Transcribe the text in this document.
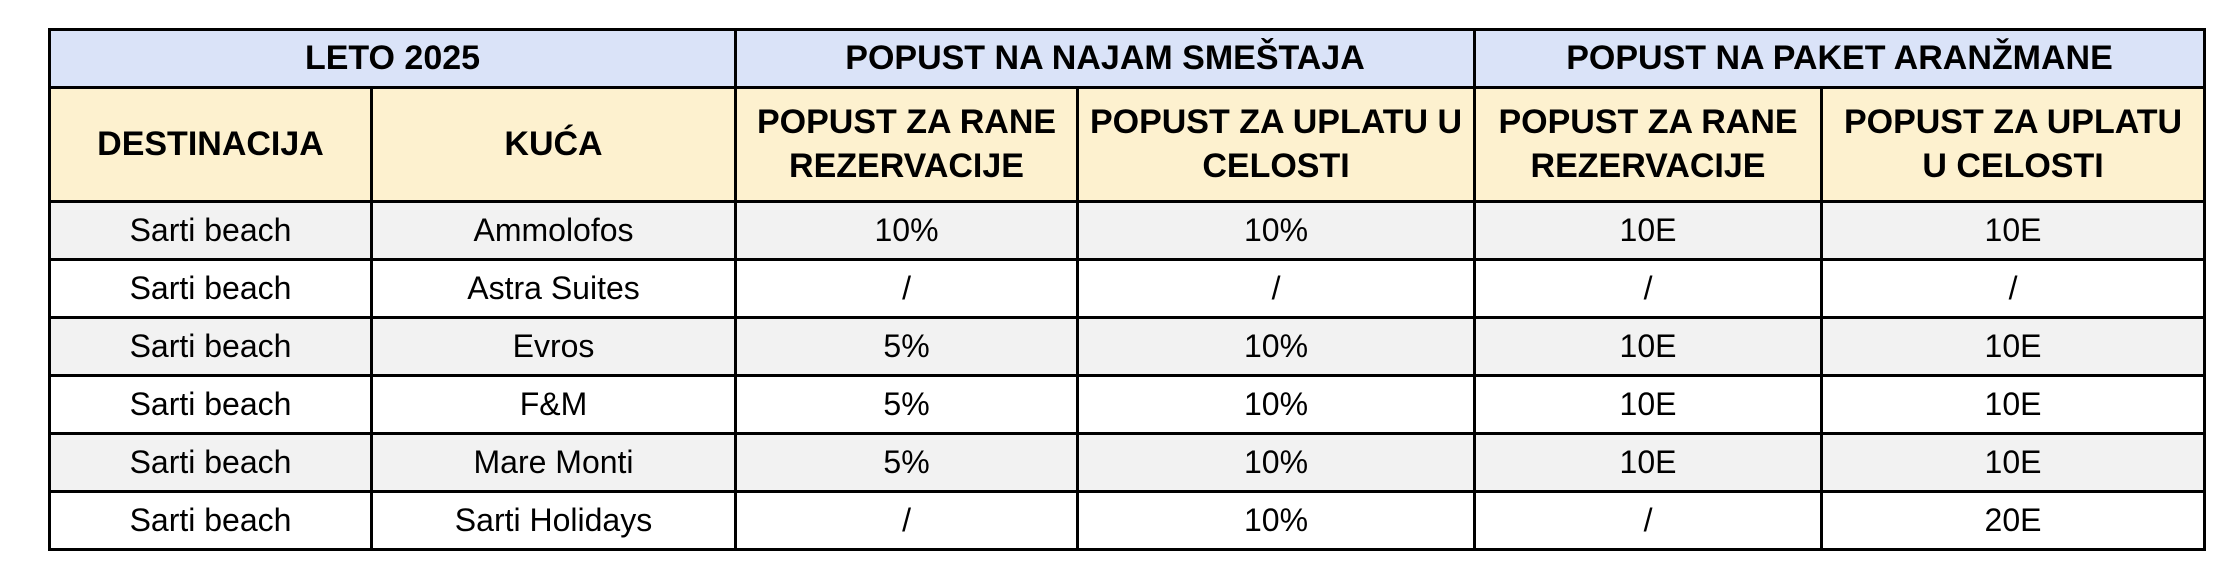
LETO 2025		POPUST NA NAJAM SMEŠTAJA		POPUST NA PAKET ARANŽMANE	
DESTINACIJA	KUĆA	POPUST ZA RANE REZERVACIJE	POPUST ZA UPLATU U CELOSTI	POPUST ZA RANE REZERVACIJE	POPUST ZA UPLATU U CELOSTI
Sarti beach	Ammolofos	10%	10%	10E	10E
Sarti beach	Astra Suites	/	/	/	/
Sarti beach	Evros	5%	10%	10E	10E
Sarti beach	F&M	5%	10%	10E	10E
Sarti beach	Mare Monti	5%	10%	10E	10E
Sarti beach	Sarti Holidays	/	10%	/	20E
